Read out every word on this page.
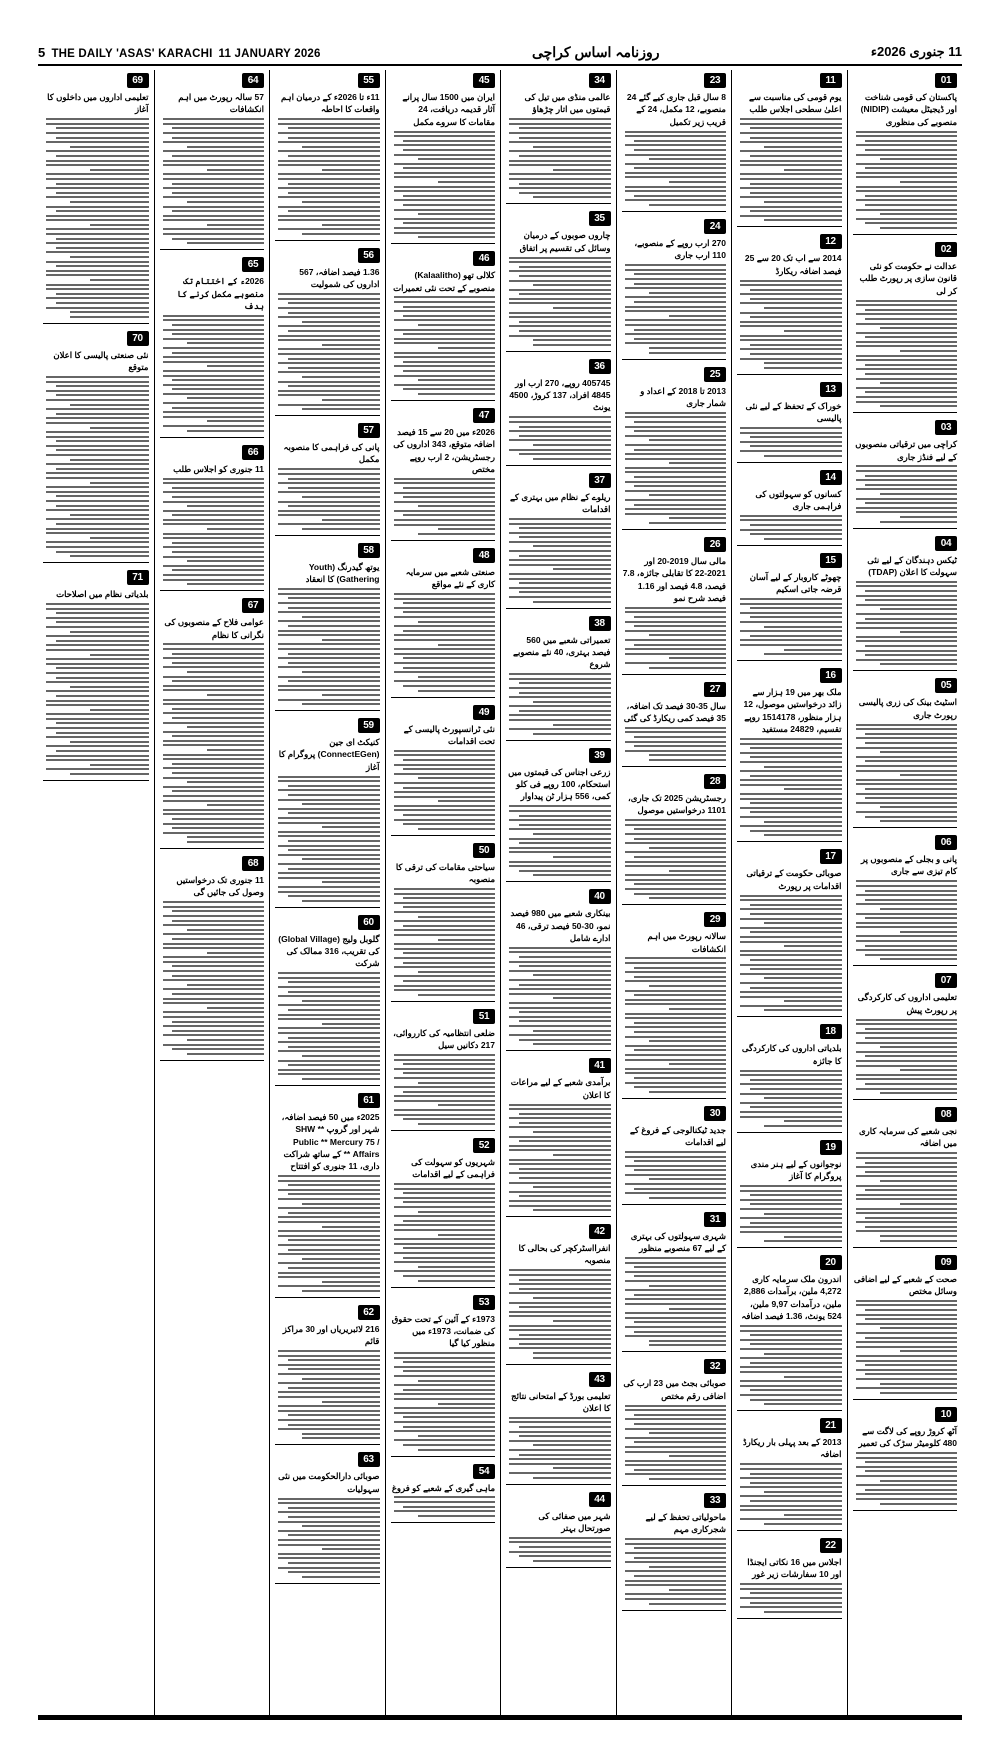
5 THE DAILY 'ASAS' KARACHI 11 JANUARY 2026	روزنامہ اساس کراچی	11 جنوری 2026ء
01
پاکستان کی قومی شناخت اور ڈیجیٹل معیشت (NIDIP) منصوبے کی منظوری
02
عدالت نے حکومت کو نئی قانون سازی پر رپورٹ طلب کر لی
03
کراچی میں ترقیاتی منصوبوں کے لیے فنڈز جاری
04
ٹیکس دہندگان کے لیے نئی سہولت کا اعلان (TDAP)
05
اسٹیٹ بینک کی زری پالیسی رپورٹ جاری
06
پانی و بجلی کے منصوبوں پر کام تیزی سے جاری
07
تعلیمی اداروں کی کارکردگی پر رپورٹ پیش
08
نجی شعبے کی سرمایہ کاری میں اضافہ
09
صحت کے شعبے کے لیے اضافی وسائل مختص
10
آٹھ کروڑ روپے کی لاگت سے 480 کلومیٹر سڑک کی تعمیر
11
یوم قومی کی مناسبت سے اعلیٰ سطحی اجلاس طلب
12
2014 سے اب تک 20 سے 25 فیصد اضافہ ریکارڈ
13
خوراک کے تحفظ کے لیے نئی پالیسی
14
کسانوں کو سہولتوں کی فراہمی جاری
15
چھوٹے کاروبار کے لیے آسان قرضہ جاتی اسکیم
16
ملک بھر میں 19 ہزار سے زائد درخواستیں موصول، 12 ہزار منظور، 1514178 روپے تقسیم، 24829 مستفید
17
صوبائی حکومت کے ترقیاتی اقدامات پر رپورٹ
18
بلدیاتی اداروں کی کارکردگی کا جائزہ
19
نوجوانوں کے لیے ہنر مندی پروگرام کا آغاز
20
اندرون ملک سرمایہ کاری 4,272 ملین، برآمدات 2,886 ملین، درآمدات 9,97 ملین، 524 یونٹ، 1.36 فیصد اضافہ
21
2013 کے بعد پہلی بار ریکارڈ اضافہ
22
اجلاس میں 16 نکاتی ایجنڈا اور 10 سفارشات زیر غور
23
8 سال قبل جاری کیے گئے 24 منصوبے، 12 مکمل، 24 کے قریب زیر تکمیل
24
270 ارب روپے کے منصوبے، 110 ارب جاری
25
2013 تا 2018 کے اعداد و شمار جاری
26
مالی سال 2019-20 اور 2021-22 کا تقابلی جائزہ، 7.8 فیصد، 4.8 فیصد اور 1.16 فیصد شرح نمو
27
سال 35-30 فیصد تک اضافہ، 35 فیصد کمی ریکارڈ کی گئی
28
رجسٹریشن 2025 تک جاری، 1101 درخواستیں موصول
29
سالانہ رپورٹ میں اہم انکشافات
30
جدید ٹیکنالوجی کے فروغ کے لیے اقدامات
31
شہری سہولتوں کی بہتری کے لیے 67 منصوبے منظور
32
صوبائی بجٹ میں 23 ارب کی اضافی رقم مختص
33
ماحولیاتی تحفظ کے لیے شجرکاری مہم
34
عالمی منڈی میں تیل کی قیمتوں میں اتار چڑھاؤ
35
چاروں صوبوں کے درمیان وسائل کی تقسیم پر اتفاق
36
405745 روپے، 270 ارب اور 4845 افراد، 137 کروڑ، 4500 یونٹ
37
ریلوے کے نظام میں بہتری کے اقدامات
38
تعمیراتی شعبے میں 560 فیصد بہتری، 40 نئے منصوبے شروع
39
زرعی اجناس کی قیمتوں میں استحکام، 100 روپے فی کلو کمی، 556 ہزار ٹن پیداوار
40
بینکاری شعبے میں 980 فیصد نمو، 30-50 فیصد ترقی، 46 ادارے شامل
41
برآمدی شعبے کے لیے مراعات کا اعلان
42
انفرااسٹرکچر کی بحالی کا منصوبہ
43
تعلیمی بورڈ کے امتحانی نتائج کا اعلان
44
شہر میں صفائی کی صورتحال بہتر
45
ایران میں 1500 سال پرانے آثار قدیمہ دریافت، 24 مقامات کا سروے مکمل
46
کلالی تھو (Kalaalitho) منصوبے کے تحت نئی تعمیرات
47
2026ء میں 20 سے 15 فیصد اضافہ متوقع، 343 اداروں کی رجسٹریشن، 2 ارب روپے مختص
48
صنعتی شعبے میں سرمایہ کاری کے نئے مواقع
49
نئی ٹرانسپورٹ پالیسی کے تحت اقدامات
50
سیاحتی مقامات کی ترقی کا منصوبہ
51
ضلعی انتظامیہ کی کارروائی، 217 دکانیں سیل
52
شہریوں کو سہولت کی فراہمی کے لیے اقدامات
53
1973ء کے آئین کے تحت حقوق کی ضمانت، 1973ء میں منظور کیا گیا
54
ماہی گیری کے شعبے کو فروغ
55
11ء تا 2026ء کے درمیان اہم واقعات کا احاطہ
56
1.36 فیصد اضافہ، 567 اداروں کی شمولیت
57
پانی کی فراہمی کا منصوبہ مکمل
58
یوتھ گیدرنگ (Youth Gathering) کا انعقاد
59
کنیکٹ ای جین (ConnectEGen) پروگرام کا آغاز
60
گلوبل ولیج (Global Village) کی تقریب، 316 ممالک کی شرکت
61
2025ء میں 50 فیصد اضافہ، شہر اور گروپ ** SHW Public ** Mercury 75 / Affairs ** کے ساتھ شراکت داری، 11 جنوری کو افتتاح
62
216 لائبریریاں اور 30 مراکز قائم
63
صوبائی دارالحکومت میں نئی سہولیات
64
57 سالہ رپورٹ میں اہم انکشافات
65
2026ء کے اختتام تک منصوبے مکمل کرنے کا ہدف
66
11 جنوری کو اجلاس طلب
67
عوامی فلاح کے منصوبوں کی نگرانی کا نظام
68
11 جنوری تک درخواستیں وصول کی جائیں گی
69
تعلیمی اداروں میں داخلوں کا آغاز
70
نئی صنعتی پالیسی کا اعلان متوقع
71
بلدیاتی نظام میں اصلاحات
